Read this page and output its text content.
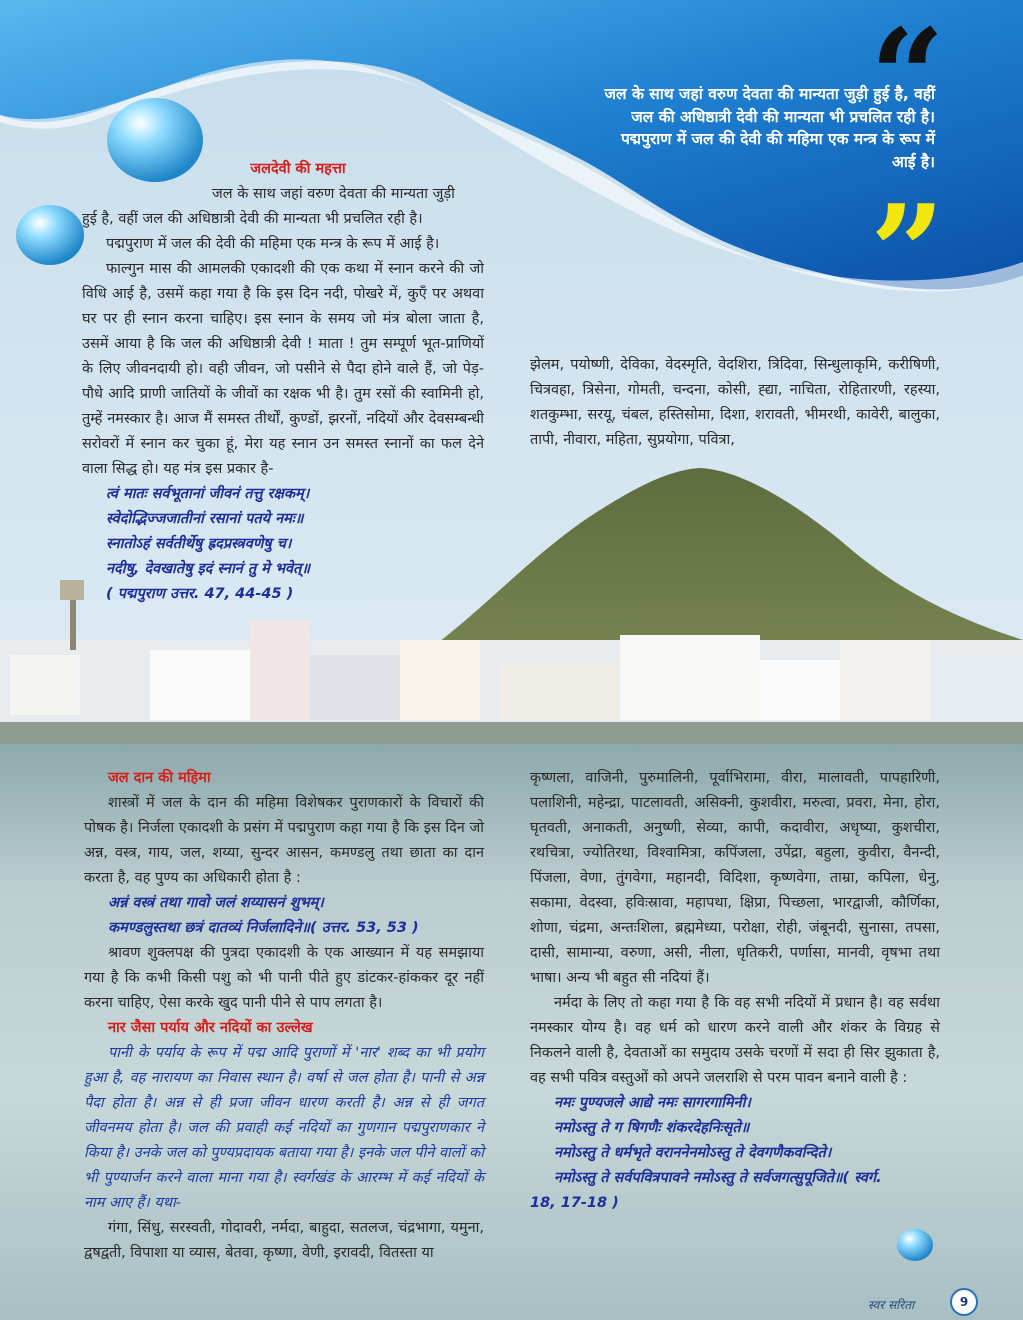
“
जल के साथ जहां वरुण देवता की मान्यता जुड़ी हुई है, वहीं जल की अधिष्ठात्री देवी की मान्यता भी प्रचलित रही है। पद्मपुराण में जल की देवी की महिमा एक मन्त्र के रूप में आई है।
”
जलदेवी की महत्ता
जल के साथ जहां वरुण देवता की मान्यता जुड़ी
हुई है, वहीं जल की अधिष्ठात्री देवी की मान्यता भी प्रचलित रही है।
पद्मपुराण में जल की देवी की महिमा एक मन्त्र के रूप में आई है।

फाल्गुन मास की आमलकी एकादशी की एक कथा में स्नान करने की जो विधि आई है, उसमें कहा गया है कि इस दिन नदी, पोखरे में, कुएँ पर अथवा घर पर ही स्नान करना चाहिए। इस स्नान के समय जो मंत्र बोला जाता है, उसमें आया है कि जल की अधिष्ठात्री देवी ! माता ! तुम सम्पूर्ण भूत-प्राणियों के लिए जीवनदायी हो। वही जीवन, जो पसीने से पैदा होने वाले हैं, जो पेड़-पौधे आदि प्राणी जातियों के जीवों का रक्षक भी है। तुम रसों की स्वामिनी हो, तुम्हें नमस्कार है। आज मैं समस्त तीर्थों, कुण्डों, झरनों, नदियों और देवसम्बन्धी सरोवरों में स्नान कर चुका हूं, मेरा यह स्नान उन समस्त स्नानों का फल देने वाला सिद्ध हो। यह मंत्र इस प्रकार है-

त्वं मातः सर्वभूतानां जीवनं तत्तु रक्षकम्।
स्वेदोद्भिज्जजातीनां रसानां पतये नमः॥
स्नातोऽहं सर्वतीर्थेषु ह्रदप्रस्त्रवणेषु च।
नदीषु, देवखातेषु इदं स्नानं तु मे भवेत्॥
( पद्मपुराण उत्तर. 47, 44-45 )

झेलम, पयोष्णी, देविका, वेदस्मृति, वेदशिरा, त्रिदिवा, सिन्धुलाकृमि, करीषिणी, चित्रवहा, त्रिसेना, गोमती, चन्दना, कोसी, ह्द्या, नाचिता, रोहितारणी, रहस्या, शतकुम्भा, सरयू, चंबल, हस्तिसोमा, दिशा, शरावती, भीमरथी, कावेरी, बालुका, तापी, नीवारा, महिता, सुप्रयोगा, पवित्रा,

जल दान की महिमा

शास्त्रों में जल के दान की महिमा विशेषकर पुराणकारों के विचारों की पोषक है। निर्जला एकादशी के प्रसंग में पद्मपुराण कहा गया है कि इस दिन जो अन्न, वस्त्र, गाय, जल, शय्या, सुन्दर आसन, कमण्डलु तथा छाता का दान करता है, वह पुण्य का अधिकारी होता है :

अन्नं वस्त्रं तथा गावो जलं शय्यासनं शुभम्।
कमण्डलुस्तथा छत्रं दातव्यं निर्जलादिने॥( उत्तर. 53, 53 )

श्रावण शुक्लपक्ष की पुत्रदा एकादशी के एक आख्यान में यह समझाया गया है कि कभी किसी पशु को भी पानी पीते हुए डांटकर-हांककर दूर नहीं करना चाहिए, ऐसा करके खुद पानी पीने से पाप लगता है।

नार जैसा पर्याय और नदियों का उल्लेख

पानी के पर्याय के रूप में पद्म आदि पुराणों में 'नार' शब्द का भी प्रयोग हुआ है, वह नारायण का निवास स्थान है। वर्षा से जल होता है। पानी से अन्न पैदा होता है। अन्न से ही प्रजा जीवन धारण करती है। अन्न से ही जगत जीवनमय होता है। जल की प्रवाही कई नदियों का गुणगान पद्मपुराणकार ने किया है। उनके जल को पुण्यप्रदायक बताया गया है। इनके जल पीने वालों को भी पुण्यार्जन करने वाला माना गया है। स्वर्गखंड के आरम्भ में कई नदियों के नाम आए हैं। यथा-

गंगा, सिंधु, सरस्वती, गोदावरी, नर्मदा, बाहुदा, सतलज, चंद्रभागा, यमुना, द्वषद्वती, विपाशा या व्यास, बेतवा, कृष्णा, वेणी, इरावदी, वितस्ता या

कृष्णला, वाजिनी, पुरुमालिनी, पूर्वाभिरामा, वीरा, मालावती, पापहारिणी, पलाशिनी, महेन्द्रा, पाटलावती, असिक्नी, कुशवीरा, मरुत्वा, प्रवरा, मेना, होरा, घृतवती, अनाकती, अनुष्णी, सेव्या, कापी, कदावीरा, अधृष्या, कुशचीरा, रथचित्रा, ज्योतिरथा, विश्वामित्रा, कपिंजला, उपेंद्रा, बहुला, कुवीरा, वैनन्दी, पिंजला, वेणा, तुंगवेगा, महानदी, विदिशा, कृष्णवेगा, ताम्रा, कपिला, धेनु, सकामा, वेदस्वा, हविःस्रावा, महापथा, क्षिप्रा, पिच्छला, भारद्वाजी, कौर्णिका, शोणा, चंद्रमा, अन्तःशिला, ब्रह्ममेध्या, परोक्षा, रोही, जंबूनदी, सुनासा, तपसा, दासी, सामान्या, वरुणा, असी, नीला, धृतिकरी, पर्णासा, मानवी, वृषभा तथा भाषा। अन्य भी बहुत सी नदियां हैं।

नर्मदा के लिए तो कहा गया है कि वह सभी नदियों में प्रधान है। वह सर्वथा नमस्कार योग्य है। वह धर्म को धारण करने वाली और शंकर के विग्रह से निकलने वाली है, देवताओं का समुदाय उसके चरणों में सदा ही सिर झुकाता है, वह सभी पवित्र वस्तुओं को अपने जलराशि से परम पावन बनाने वाली है :

नमः पुण्यजले आद्ये नमः सागरगामिनी।
नमोऽस्तु ते ग षिगणैः शंकरदेहनिःसृते॥
नमोऽस्तु ते धर्मभृते वराननेनमोऽस्तु ते देवगणैकवन्दिते।
नमोऽस्तु ते सर्वपवित्रपावने नमोऽस्तु ते सर्वजगत्सुपूजिते॥( स्वर्ग.
18, 17-18 )
स्वर सरिता	9
